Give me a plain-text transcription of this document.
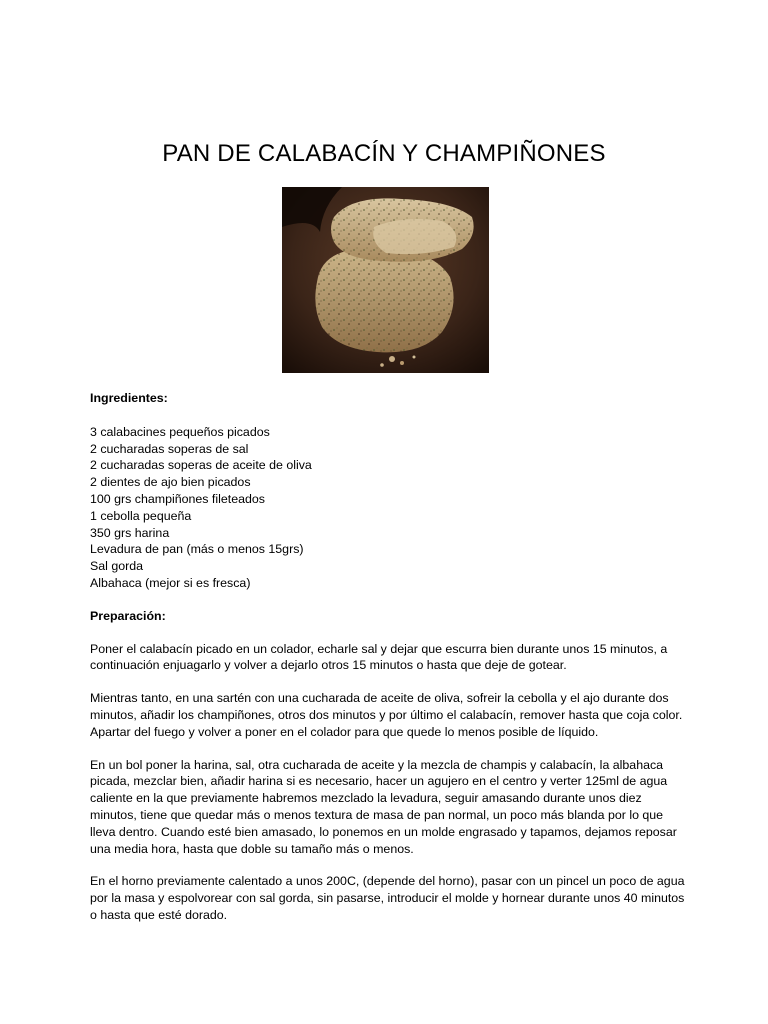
PAN DE CALABACÍN Y CHAMPIÑONES

Ingredientes:

3 calabacines pequeños picados
2 cucharadas soperas de sal
2 cucharadas soperas de aceite de oliva
2 dientes de ajo bien picados
100 grs champiñones fileteados
1 cebolla pequeña
350 grs harina
Levadura de pan (más o menos 15grs)
Sal gorda
Albahaca (mejor si es fresca)

Preparación:

Poner el calabacín picado en un colador, echarle sal y dejar que escurra bien durante unos 15 minutos, a continuación enjuagarlo y volver a dejarlo otros 15 minutos o hasta que deje de gotear.

Mientras tanto, en una sartén con una cucharada de aceite de oliva, sofreir la cebolla y el ajo durante dos minutos, añadir los champiñones, otros dos minutos y por último el calabacín, remover hasta que coja color. Apartar del fuego y volver a poner en el colador para que quede lo menos posible de líquido.

En un bol poner la harina, sal, otra cucharada de aceite y la mezcla de champis y calabacín, la albahaca picada, mezclar bien, añadir harina si es necesario, hacer un agujero en el centro y verter 125ml de agua caliente en la que previamente habremos mezclado la levadura, seguir amasando durante unos diez minutos, tiene que quedar más o menos textura de masa de pan normal, un poco más blanda por lo que lleva dentro. Cuando esté bien amasado, lo ponemos en un molde engrasado y tapamos, dejamos reposar una media hora, hasta que doble su tamaño más o menos.

En el horno previamente calentado a unos 200C, (depende del horno), pasar con un pincel un poco de agua por la masa y espolvorear con sal gorda, sin pasarse, introducir el molde y hornear durante unos 40 minutos o hasta que esté dorado.
